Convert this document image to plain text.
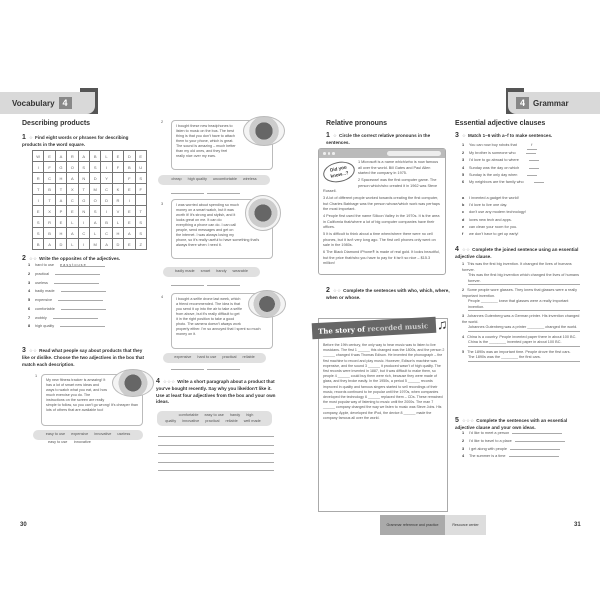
Vocabulary 4	4	Grammar
Describing products
1 ☆ Find eight words or phrases for describing products in the word square.
W	E	A	R	A	B	L	E	D	E
I	F	G	O	S	S	I	F	B	U
R	C	H	A	N	D	Y		F	S
T	B	T	X	T	M	C	K	E	F
I	T	A	C	G	O	D	R	I	
E	X	P	E	N	S	I	V	E	T
S	R	E	L	I	A	B	L	E	S
S	B	H	A	C	L	C	H	A	S
B	A	D	L	I	M	A	D	E	Z
2 ☆☆ Write the opposites of the adjectives.
1 hard to use e a s y t o u s e
2 practical
3 useless
4 badly made
5 expensive
6 comfortable
7 wobbly
8 high quality
3 ☆☆ Read what people say about products that they like or dislike. Choose the two adjectives in the box that match each description.
1
My new fitness tracker is amazing! It has a lot of smart new ideas and ways to watch what you eat, and how much exercise you do. The instructions on the screen are really simple to follow, so you can't go wrong! It's cheaper than lots of others that are available too!
easy to use expensive innovative useless
easy to use innovative
2
I bought these new headphones to listen to music on the bus. The best thing is that you don't have to attach them to your phone, which is great. The sound is amazing – much better than my old ones, and they feel really nice over my ears.
cheap high quality uncomfortable wireless
3	I was worried about spending so much money on a smart watch, but it was worth it! It's strong and stylish, and it looks great on me. It can do everything a phone can do. I can call people, send messages and get on the internet. I was always losing my phone, so it's really useful to have something that's always there when I need it.
badly made smart handy wearable
4	I bought a selfie drone last week, which a friend recommended. The idea is that you send it up into the air to take a selfie from above, but it's really difficult to get it in the right position to take a good photo. The camera doesn't always work properly either. I'm so annoyed that I spent so much money on it.
expensive hard to use practical reliable
4 ☆☆☆ Write a short paragraph about a product that you've bought recently. Say why you like/don't like it. Use at least four adjectives from the box and your own ideas.
comfortable easy to use handy high quality innovative practical reliable well made
30
Relative pronouns
1 ☆ Circle the correct relative pronouns in the sentences.
Did you know...?
1 Microsoft is a name which/who is now famous all over the world. Bill Gates and Paul Allen started the company in 1975.
2 Spacewar! was the first computer game. The person which/who created it in 1962 was Steve Russell.
3 A lot of different people worked towards creating the first computer, but Charles Babbage was the person whose/which work was perhaps the most important.
4 People first used the name Silicon Valley in the 1970s. It is the area in California that/where a lot of big computer companies have their offices.
5 It is difficult to think about a time when/where there were no cell phones, but it isn't very long ago. The first cell phones only went on sale in the 1980s.
6 The Black Diamond iPhone® is made of real gold. It looks beautiful, but the price that/who you have to pay for it isn't so nice – $15.3 million!
2 ☆☆ Complete the sentences with who, which, where, when or whose.
Before the 19th century, the only way to hear music was to listen to live musicians. The first 1 ______ this changed was the 1800s, and the person 2 ______ changed it was Thomas Edison. He invented the phonograph – the first machine to record and play music. However, Edison's machine was expensive, and the sound 3 ______ it produced wasn't of high quality. The first records were invented in 1887, but it was difficult to make them, so people 4 ______ could buy them were rich, because they were made of glass, and they broke easily. In the 1950s, a period 5 ______ records improved in quality and famous singers started to sell recordings of their music, records continued to be popular until the 1970s, when companies developed the technology 6 ______ replaced them – CDs. These remained the most popular way of listening to music until the 2000s. The man 7 ______ company changed the way we listen to music was Steve Jobs. His company, Apple, developed the iPod, the device 8 ______ made the company famous all over the world.
The story of recorded music ♫
Essential adjective clauses
3 ☆ Match 1–6 with a–f to make sentences.
1 You can now buy robots that	f
2 My brother is someone who
3 I'd love to go abroad to where
4 Sunday was the day on which
5 Sunday is the only day when
6 My neighbors are the family who
a I invented a gadget the world!
b I'd love to live one day.
c don't use any modern technology!
d loves new tech and apps.
e can clean your room for you.
f we don't have to get up early!
4 ☆☆ Complete the joined sentence using an essential adjective clause.
1 This was the first big invention. It changed the lives of humans forever.
This was the first big invention which changed the lives of humans forever.
2 Some people wore glasses. They knew that glasses were a really important invention.
People ________ knew that glasses were a really important invention.
3 Johannes Gutenberg was a German printer. His invention changed the world.
Johannes Gutenberg was a printer ________ changed the world.
4 China is a country. People invented paper there in about 100 BC.
China is the ________ invented paper in about 100 BC.
5 The 1890s was an important time. People drove the first cars.
The 1890s was the ________ the first cars.
5 ☆☆☆ Complete the sentences with an essential adjective clause and your own ideas.
1 I'd like to meet a person
2 I'd like to travel to a place
3 I get along with people
4 The summer is a time
Grammar reference and practice	Resource center	31
